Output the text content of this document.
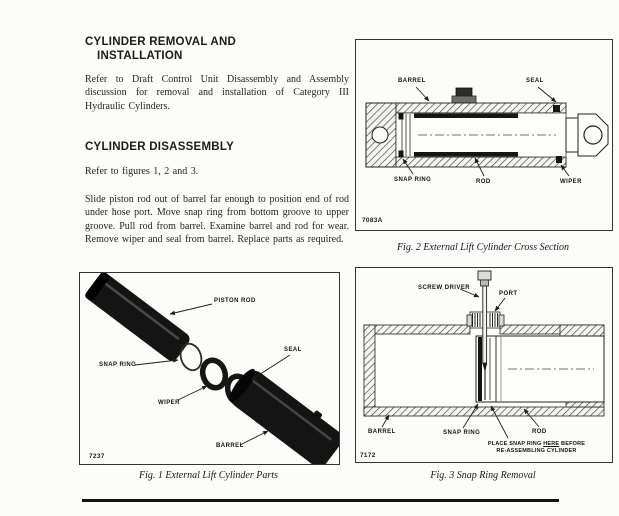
CYLINDER REMOVAL AND
INSTALLATION
Refer to Draft Control Unit Disassembly and Assembly discussion for removal and installation of Category III Hydraulic Cylinders.
CYLINDER DISASSEMBLY
Refer to figures 1, 2 and 3.
Slide piston rod out of barrel far enough to position end of rod under hose port. Move snap ring from bottom groove to upper groove. Pull rod from barrel. Examine barrel and rod for wear. Remove wiper and seal from barrel. Replace parts as required.
BARREL	SEAL
SNAP RING	ROD	WIPER
7083A
Fig. 2 External Lift Cylinder Cross Section
PISTON ROD
SNAP RING
WIPER
SEAL
BARREL
7237
Fig. 1 External Lift Cylinder Parts
SCREW DRIVER
PORT
BARREL	SNAP RING	ROD
PLACE SNAP RING HERE BEFORE
RE-ASSEMBLING CYLINDER
7172
Fig. 3 Snap Ring Removal
